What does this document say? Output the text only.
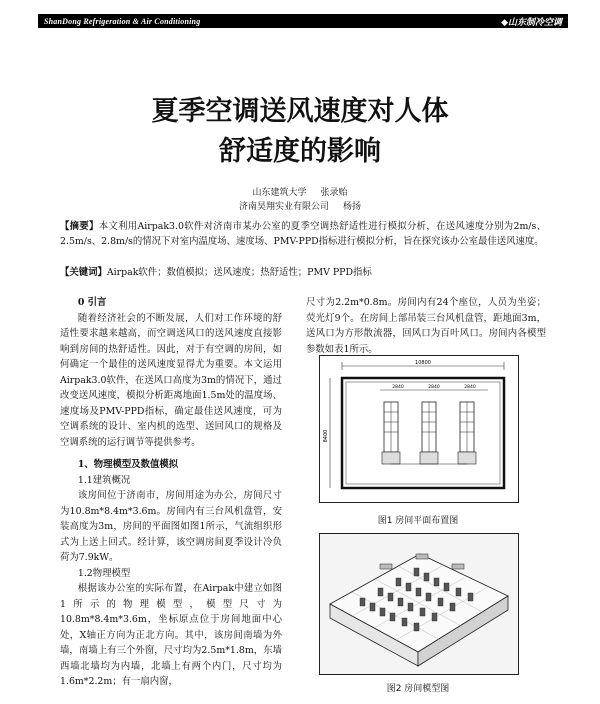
ShanDong Refrigeration & Air Conditioning	◆山东制冷空调
夏季空调送风速度对人体
舒适度的影响
山东建筑大学 张录贻
济南昊翔实业有限公司 杨扬
【摘要】本文利用Airpak3.0软件对济南市某办公室的夏季空调热舒适性进行模拟分析，在送风速度分别为2m/s、2.5m/s、2.8m/s的情况下对室内温度场、速度场、PMV-PPD指标进行模拟分析，旨在探究该办公室最佳送风速度。
【关键词】Airpak软件；数值模拟；送风速度；热舒适性；PMV PPD指标

0 引言

随着经济社会的不断发展，人们对工作环境的舒适性要求越来越高，而空调送风口的送风速度直接影响到房间的热舒适性。因此，对于有空调的房间，如何确定一个最佳的送风速度显得尤为重要。本文运用Airpak3.0软件，在送风口高度为3m的情况下，通过改变送风速度，模拟分析距离地面1.5m处的温度场、速度场及PMV-PPD指标，确定最佳送风速度，可为空调系统的设计、室内机的选型、送回风口的规格及空调系统的运行调节等提供参考。

1、物理模型及数值模拟

1.1建筑概况

该房间位于济南市，房间用途为办公，房间尺寸为10.8m*8.4m*3.6m。房间内有三台风机盘管，安装高度为3m，房间的平面图如图1所示，气流组织形式为上送上回式。经计算，该空调房间夏季设计冷负荷为7.9kW。

1.2物理模型

根据该办公室的实际布置，在Airpak中建立如图1所示的物理模型，模型尺寸为10.8m*8.4m*3.6m，坐标原点位于房间地面中心处，X轴正方向为正北方向。其中，该房间南墙为外墙，南墙上有三个外窗，尺寸均为2.5m*1.8m，东墙西墙北墙均为内墙，北墙上有两个内门，尺寸均为1.6m*2.2m；有一扇内窗，

尺寸为2.2m*0.8m。房间内有24个座位，人员为坐姿；荧光灯9个。在房间上部吊装三台风机盘管，距地面3m，送风口为方形散流器，回风口为百叶风口。房间内各模型参数如表1所示。

10800
8400
2840	2840	2840
图1 房间平面布置图
图2 房间模型图
